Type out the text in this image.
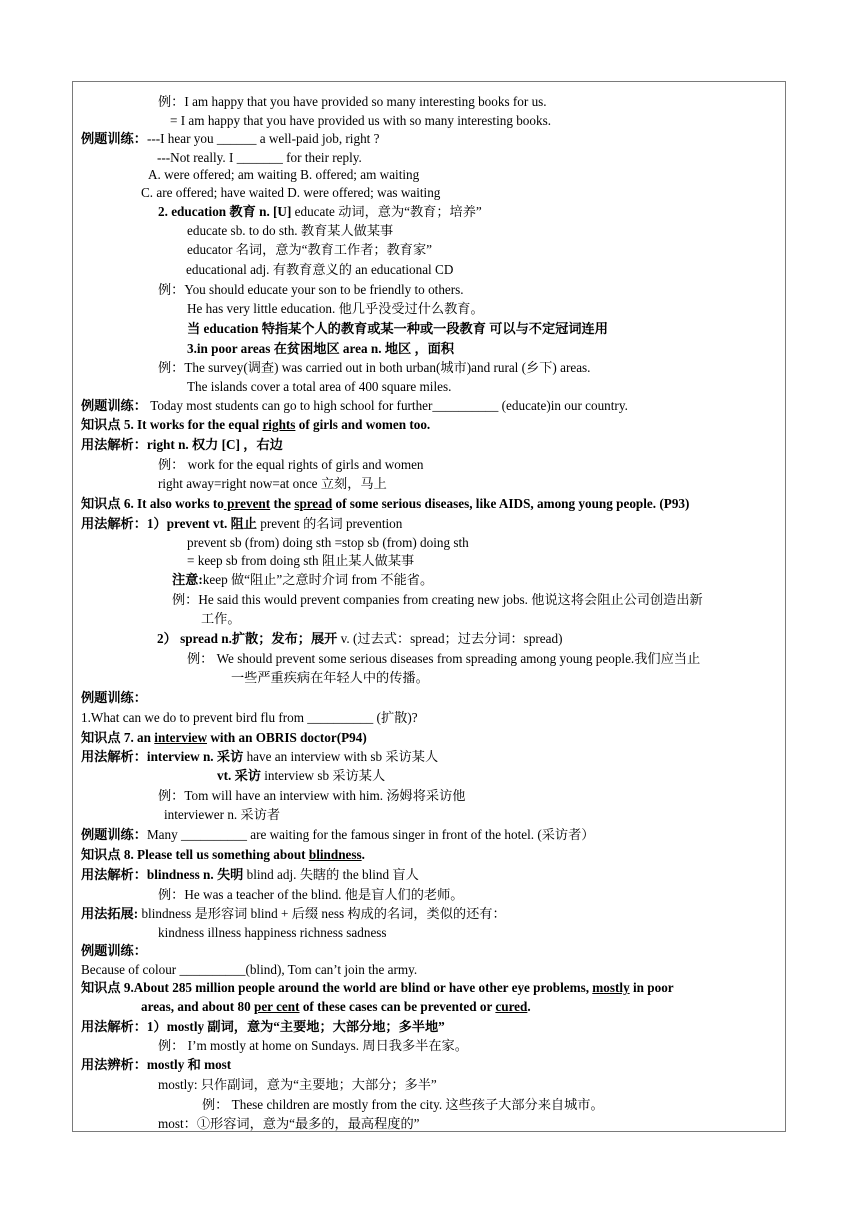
例：I am happy that you have provided so many interesting books for us.
= I am happy that you have provided us with so many interesting books.
例题训练：---I hear you ______ a well-paid job, right ?
---Not really. I _______ for their reply.
A. were offered; am waiting B. offered; am waiting
C. are offered; have waited D. were offered; was waiting
2. education 教育 n. [U] educate 动词，意为“教育；培养”
educate sb. to do sth. 教育某人做某事
educator 名词，意为“教育工作者；教育家”
educational adj. 有教育意义的 an educational CD
例：You should educate your son to be friendly to others.
He has very little education. 他几乎没受过什么教育。
当 education 特指某个人的教育或某一种或一段教育 可以与不定冠词连用
3.in poor areas 在贫困地区 area n. 地区 ，面积
例：The survey(调查) was carried out in both urban(城市)and rural (乡下) areas.
The islands cover a total area of 400 square miles.
例题训练： Today most students can go to high school for further__________ (educate)in our country.
知识点 5. It works for the equal rights of girls and women too.
用法解析：right n. 权力 [C] ，右边
例： work for the equal rights of girls and women
right away=right now=at once 立刻，马上
知识点 6. It also works to prevent the spread of some serious diseases, like AIDS, among young people. (P93)
用法解析：1）prevent vt. 阻止 prevent 的名词 prevention
prevent sb (from) doing sth =stop sb (from) doing sth
= keep sb from doing sth 阻止某人做某事
注意:keep 做“阻止”之意时介词 from 不能省。
例：He said this would prevent companies from creating new jobs. 他说这将会阻止公司创造出新
工作。
2） spread n.扩散；发布；展开 v. (过去式：spread；过去分词：spread)
例： We should prevent some serious diseases from spreading among young people.我们应当止
一些严重疾病在年轻人中的传播。
例题训练：
1.What can we do to prevent bird flu from __________ (扩散)?
知识点 7. an interview with an OBRIS doctor(P94)
用法解析：interview n. 采访 have an interview with sb 采访某人
vt. 采访 interview sb 采访某人
例：Tom will have an interview with him. 汤姆将采访他
interviewer n. 采访者
例题训练：Many __________ are waiting for the famous singer in front of the hotel. (采访者）
知识点 8. Please tell us something about blindness.
用法解析：blindness n. 失明 blind adj. 失瞎的 the blind 盲人
例：He was a teacher of the blind. 他是盲人们的老师。
用法拓展: blindness 是形容词 blind + 后缀 ness 构成的名词，类似的还有：
kindness illness happiness richness sadness
例题训练：
Because of colour __________(blind), Tom can’t join the army.
知识点 9.About 285 million people around the world are blind or have other eye problems, mostly in poor
areas, and about 80 per cent of these cases can be prevented or cured.
用法解析：1）mostly 副词，意为“主要地；大部分地；多半地”
例： I’m mostly at home on Sundays. 周日我多半在家。
用法辨析：mostly 和 most
mostly: 只作副词，意为“主要地；大部分；多半”
例： These children are mostly from the city. 这些孩子大部分来自城市。
most：①形容词，意为“最多的，最高程度的”
